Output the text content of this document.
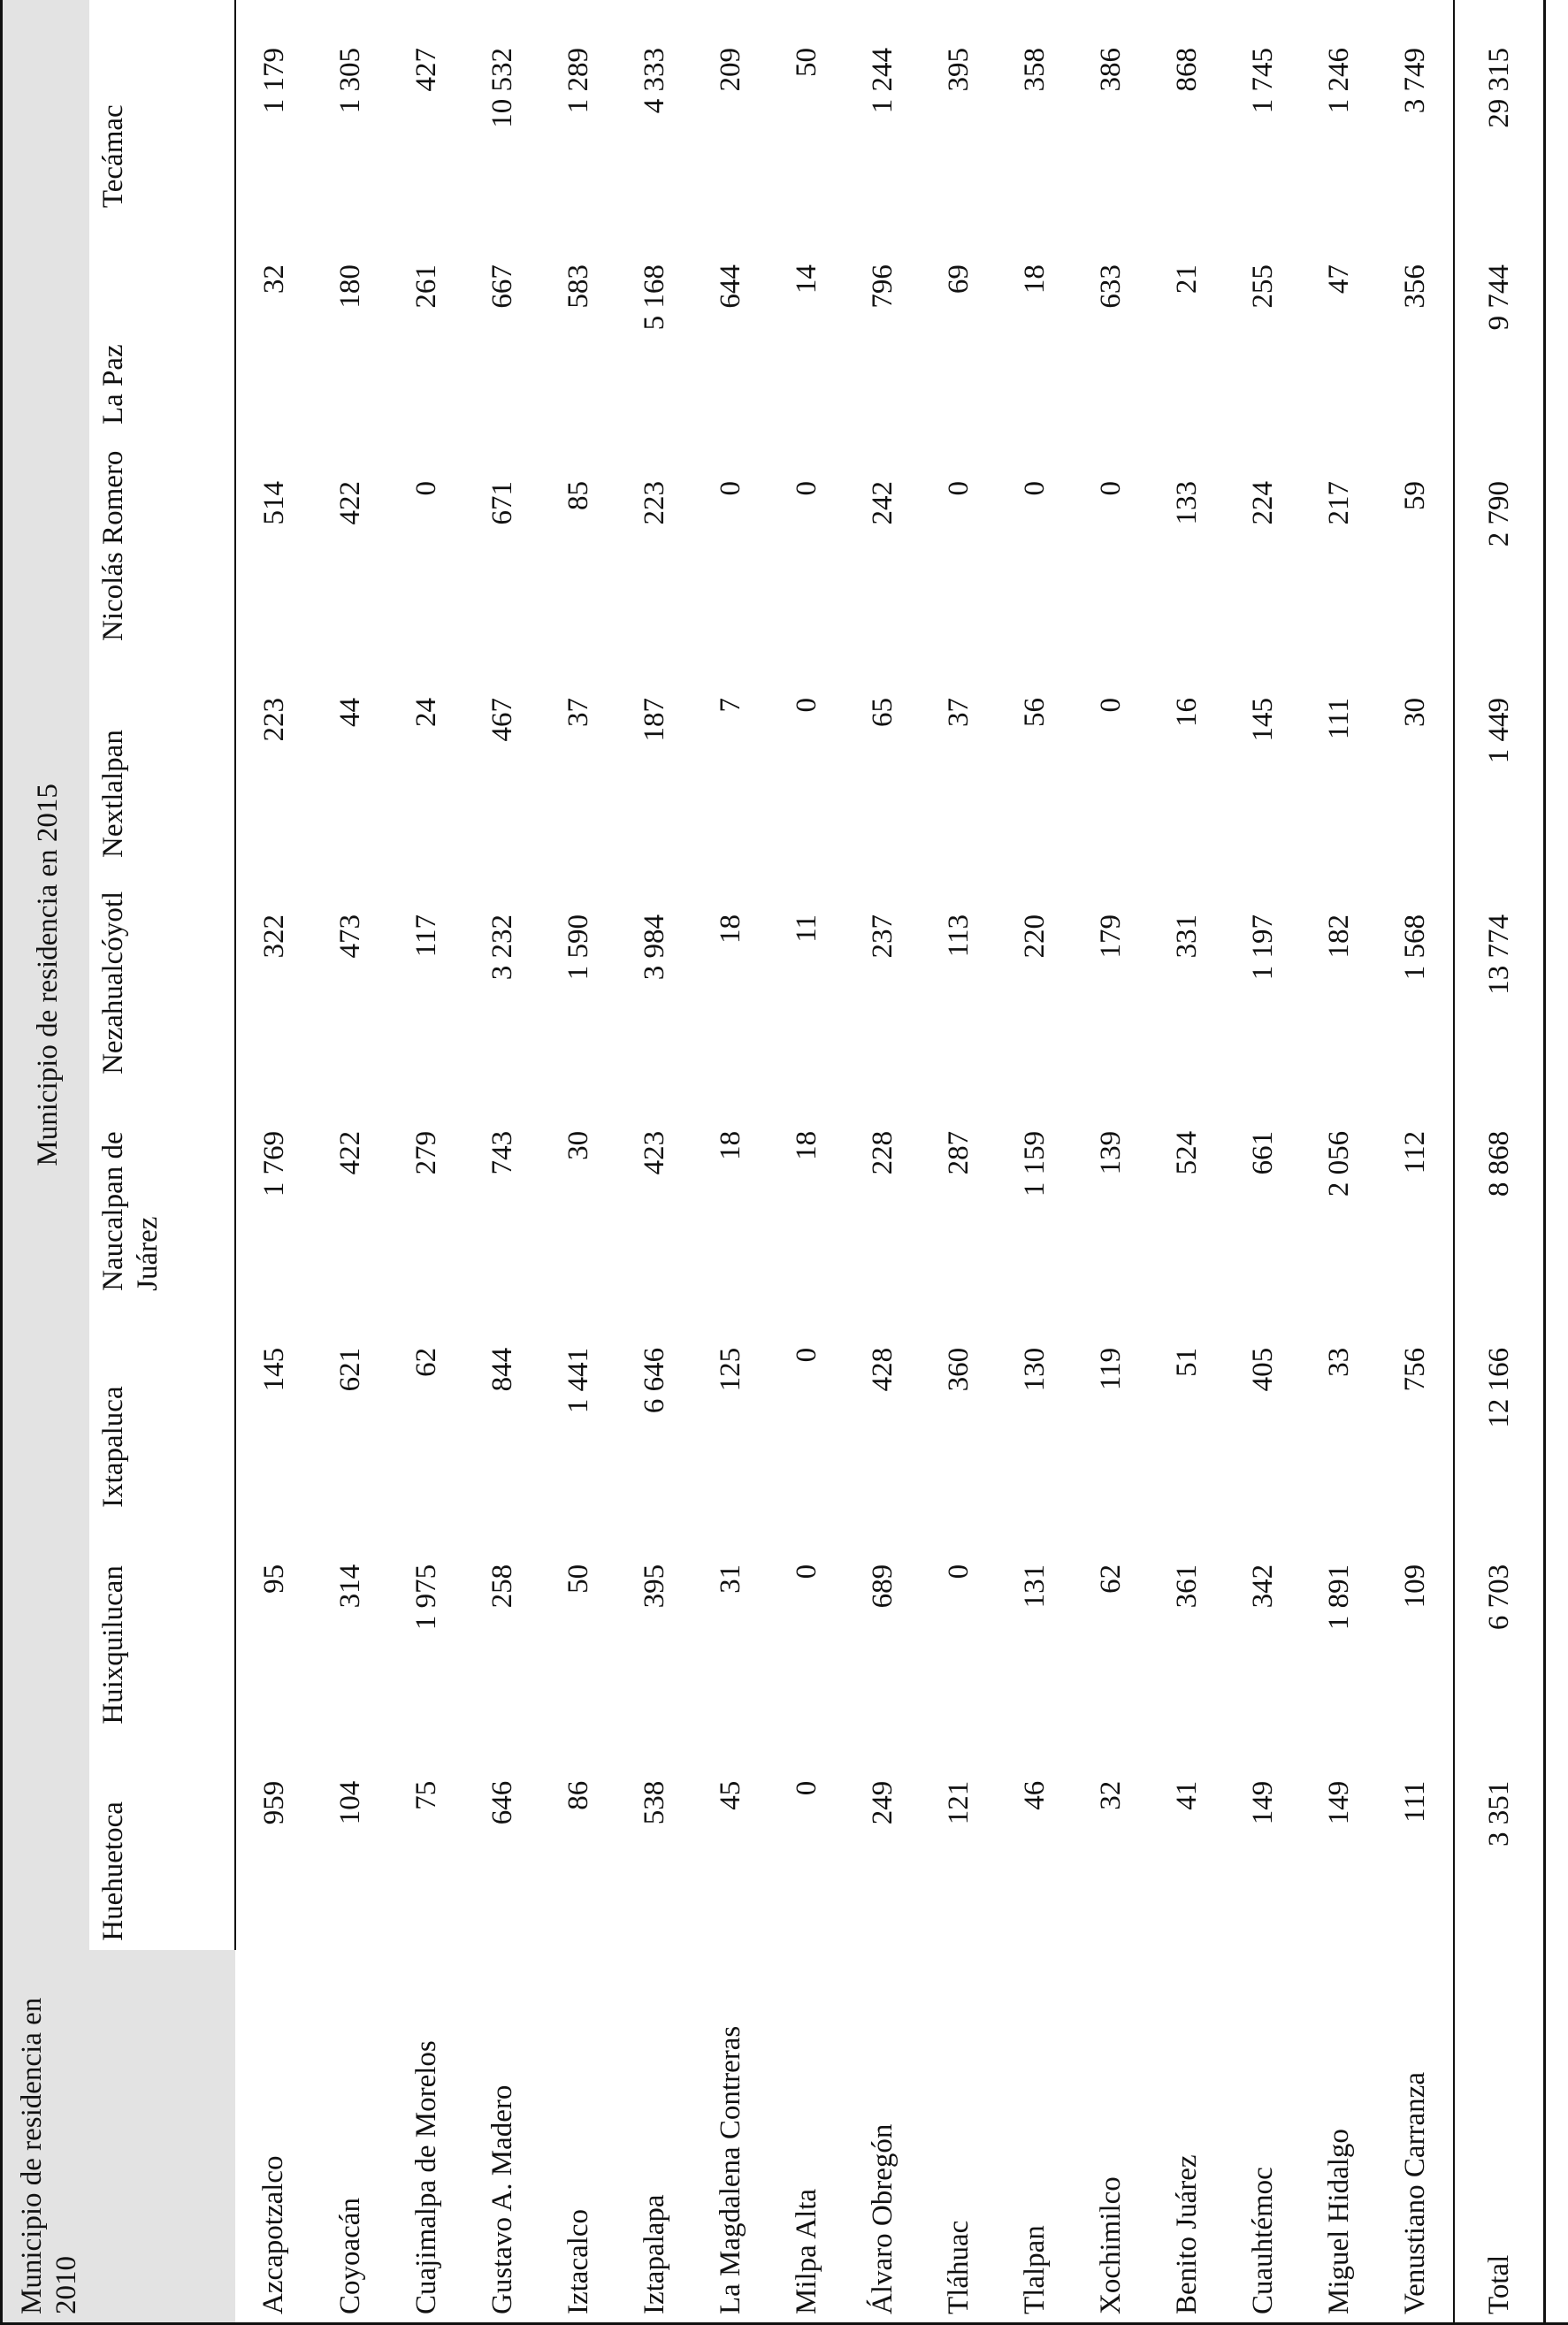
Municipio de residencia en 2010	Municipio de residencia en 2015								
	Huehuetoca	Huixquilucan	Ixtapaluca	Naucalpan de Juárez	Nezahualcóyotl	Nextlalpan	Nicolás Romero	La Paz	Tecámac
Azcapotzalco	959	95	145	1 769	322	223	514	32	1 179
Coyoacán	104	314	621	422	473	44	422	180	1 305
Cuajimalpa de Morelos	75	1 975	62	279	117	24	0	261	427
Gustavo A. Madero	646	258	844	743	3 232	467	671	667	10 532
Iztacalco	86	50	1 441	30	1 590	37	85	583	1 289
Iztapalapa	538	395	6 646	423	3 984	187	223	5 168	4 333
La Magdalena Contreras	45	31	125	18	18	7	0	644	209
Milpa Alta	0	0	0	18	11	0	0	14	50
Álvaro Obregón	249	689	428	228	237	65	242	796	1 244
Tláhuac	121	0	360	287	113	37	0	69	395
Tlalpan	46	131	130	1 159	220	56	0	18	358
Xochimilco	32	62	119	139	179	0	0	633	386
Benito Juárez	41	361	51	524	331	16	133	21	868
Cuauhtémoc	149	342	405	661	1 197	145	224	255	1 745
Miguel Hidalgo	149	1 891	33	2 056	182	111	217	47	1 246
Venustiano Carranza	111	109	756	112	1 568	30	59	356	3 749
Total	3 351	6 703	12 166	8 868	13 774	1 449	2 790	9 744	29 315
